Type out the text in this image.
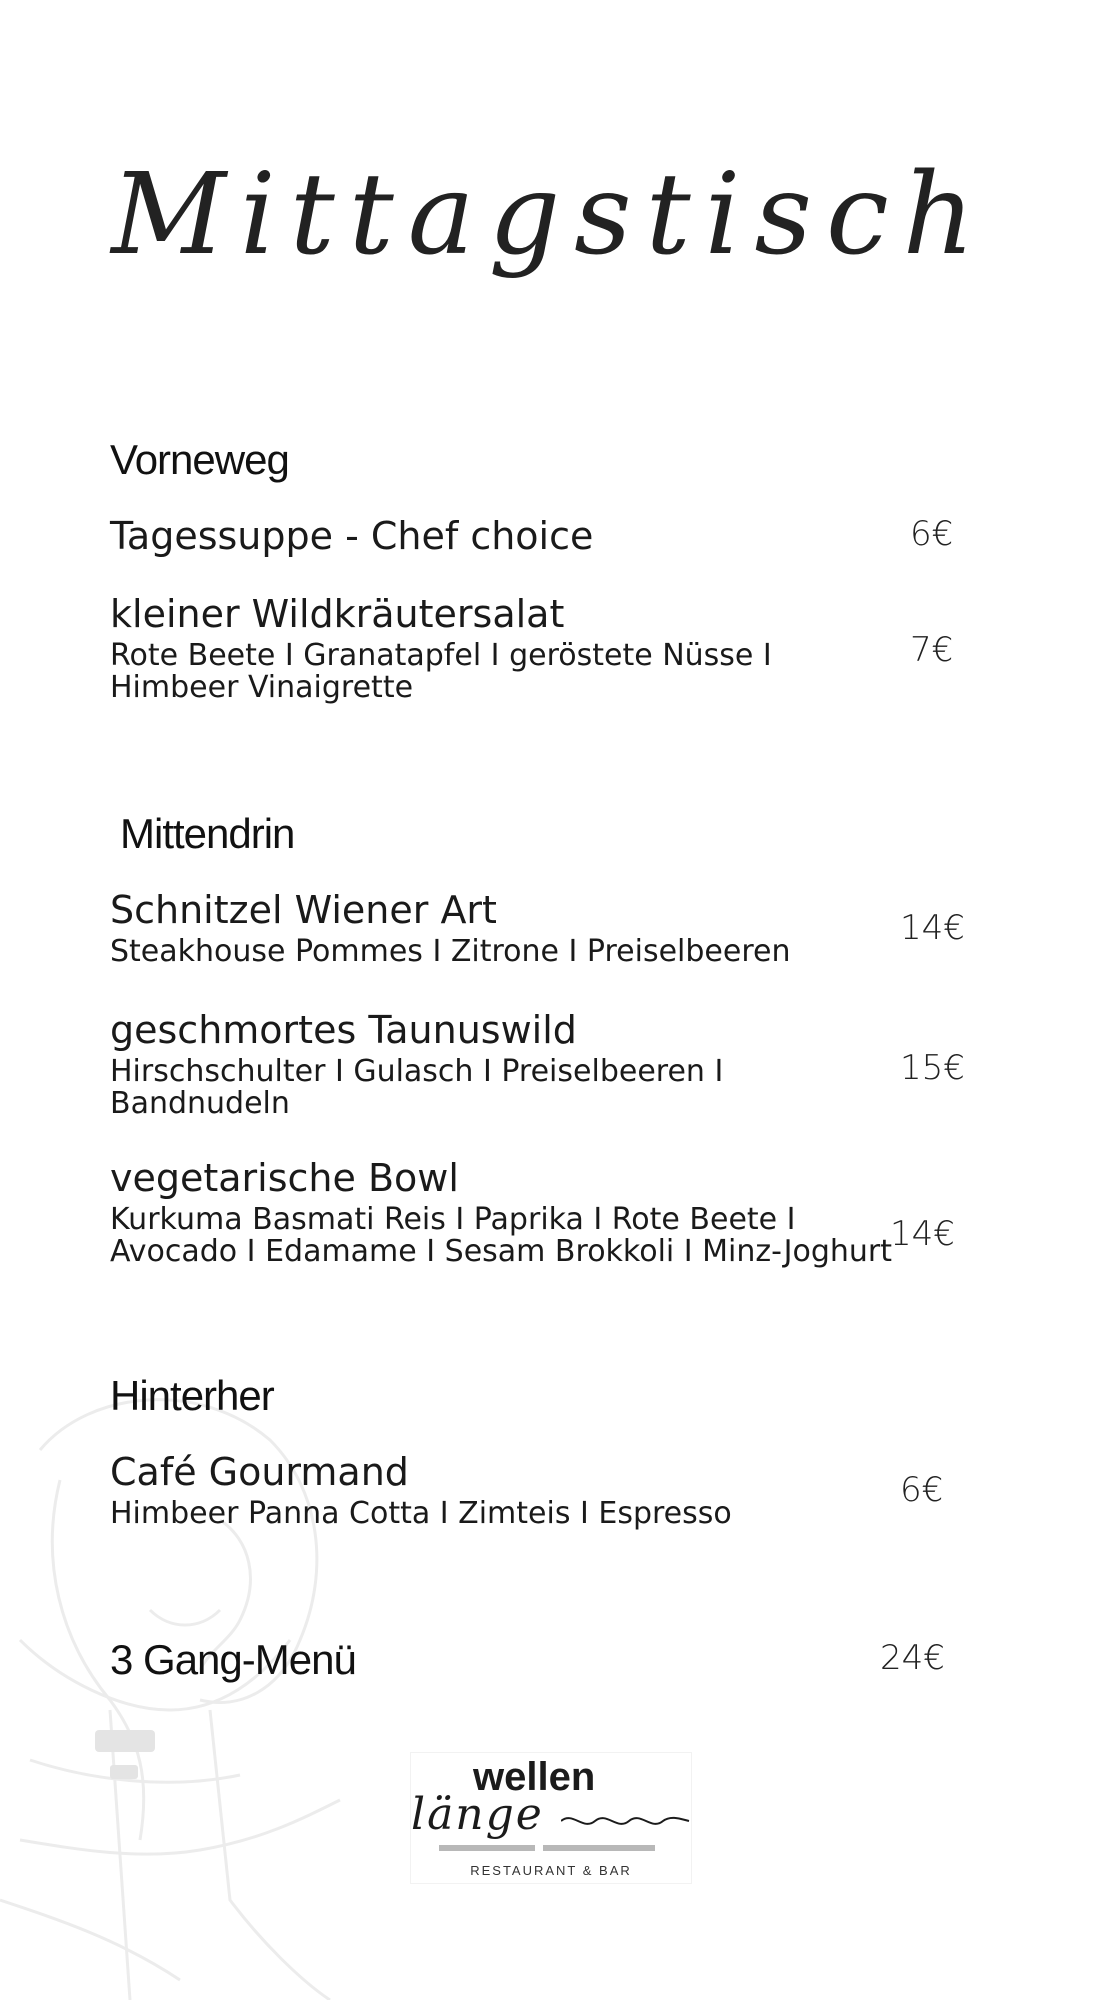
Mittagstisch
Vorneweg
Tagessuppe - Chef choice	6€
kleiner Wildkräutersalat
Rote Beete I Granatapfel I geröstete Nüsse I
Himbeer Vinaigrette
7€
Mittendrin
Schnitzel Wiener Art
Steakhouse Pommes I Zitrone I Preiselbeeren
14€
geschmortes Taunuswild
Hirschschulter I Gulasch I Preiselbeeren I
Bandnudeln
15€
vegetarische Bowl
Kurkuma Basmati Reis I Paprika I Rote Beete I
Avocado I Edamame I Sesam Brokkoli I Minz-Joghurt
14€
Hinterher
Café Gourmand
Himbeer Panna Cotta I Zimteis I Espresso
6€
3 Gang-Menü	24€
wellen
länge
RESTAURANT & BAR
